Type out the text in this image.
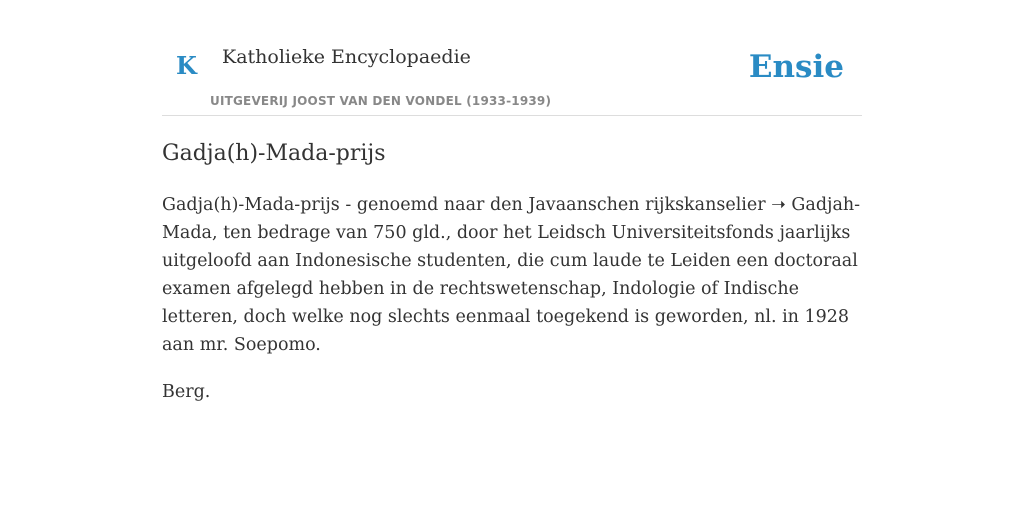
K Katholieke Encyclopaedie
UITGEVERIJ JOOST VAN DEN VONDEL (1933-1939)
Ensie
Gadja(h)-Mada-prijs

Gadja(h)-Mada-prijs - genoemd naar den Javaanschen rijkskanselier ➝ Gadjah-Mada, ten bedrage van 750 gld., door het Leidsch Universiteitsfonds jaarlijks uitgeloofd aan Indonesische studenten, die cum laude te Leiden een doctoraal examen afgelegd hebben in de rechtswetenschap, Indologie of Indische letteren, doch welke nog slechts eenmaal toegekend is geworden, nl. in 1928 aan mr. Soepomo.

Berg.
